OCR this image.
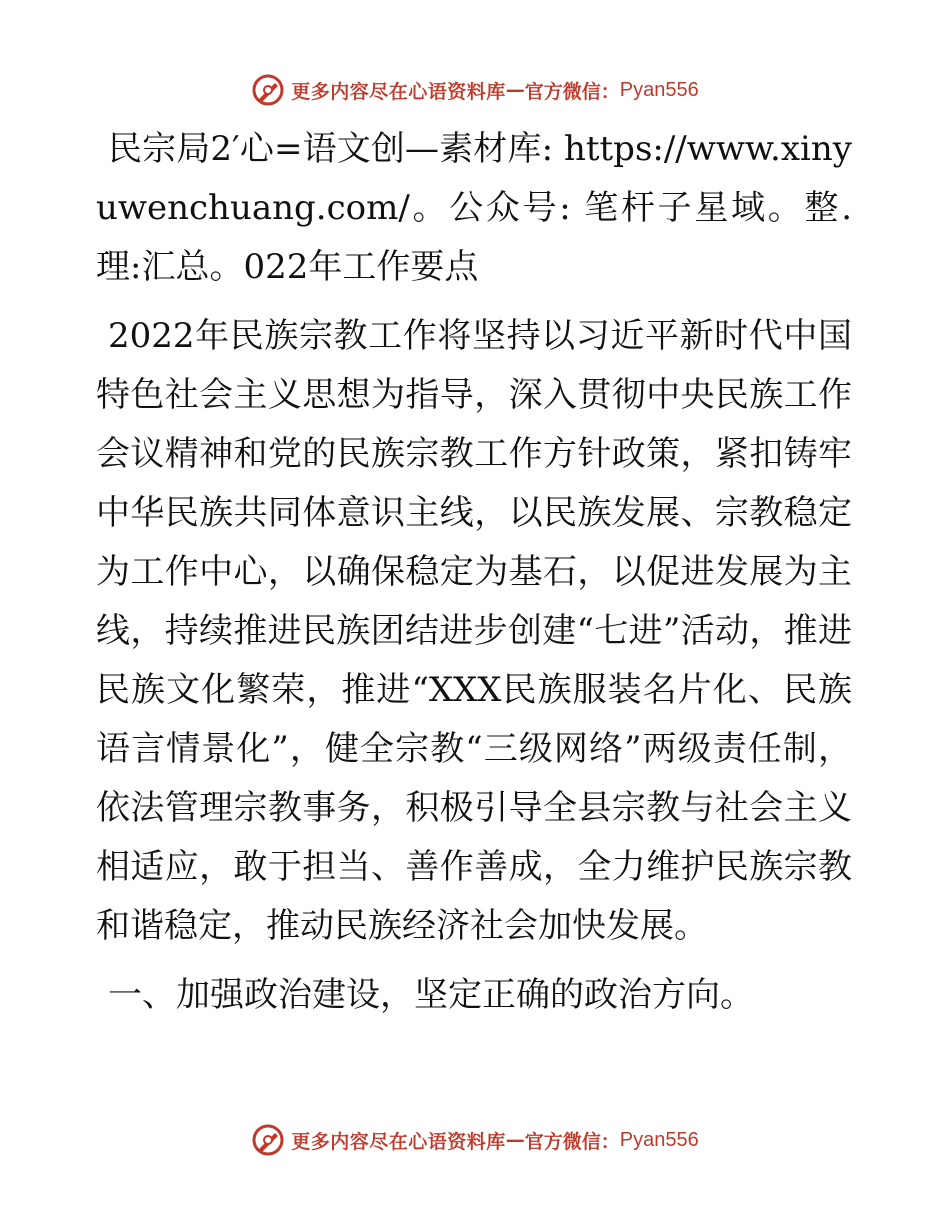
更多内容尽在心语资料库 — 官方微信： Pyan556

民宗局2′心=语文创—素材库: https://www.xinyuwenchuang.com/。公众号: 笔杆子星域。整.理:汇总。022年工作要点

2022年民族宗教工作将坚持以习近平新时代中国特色社会主义思想为指导，深入贯彻中央民族工作会议精神和党的民族宗教工作方针政策，紧扣铸牢中华民族共同体意识主线，以民族发展、宗教稳定为工作中心，以确保稳定为基石，以促进发展为主线，持续推进民族团结进步创建“七进”活动，推进民族文化繁荣，推进“XXX民族服装名片化、民族语言情景化”，健全宗教“三级网络”两级责任制，依法管理宗教事务，积极引导全县宗教与社会主义相适应，敢于担当、善作善成，全力维护民族宗教和谐稳定，推动民族经济社会加快发展。

一、加强政治建设，坚定正确的政治方向。

更多内容尽在心语资料库 — 官方微信： Pyan556
